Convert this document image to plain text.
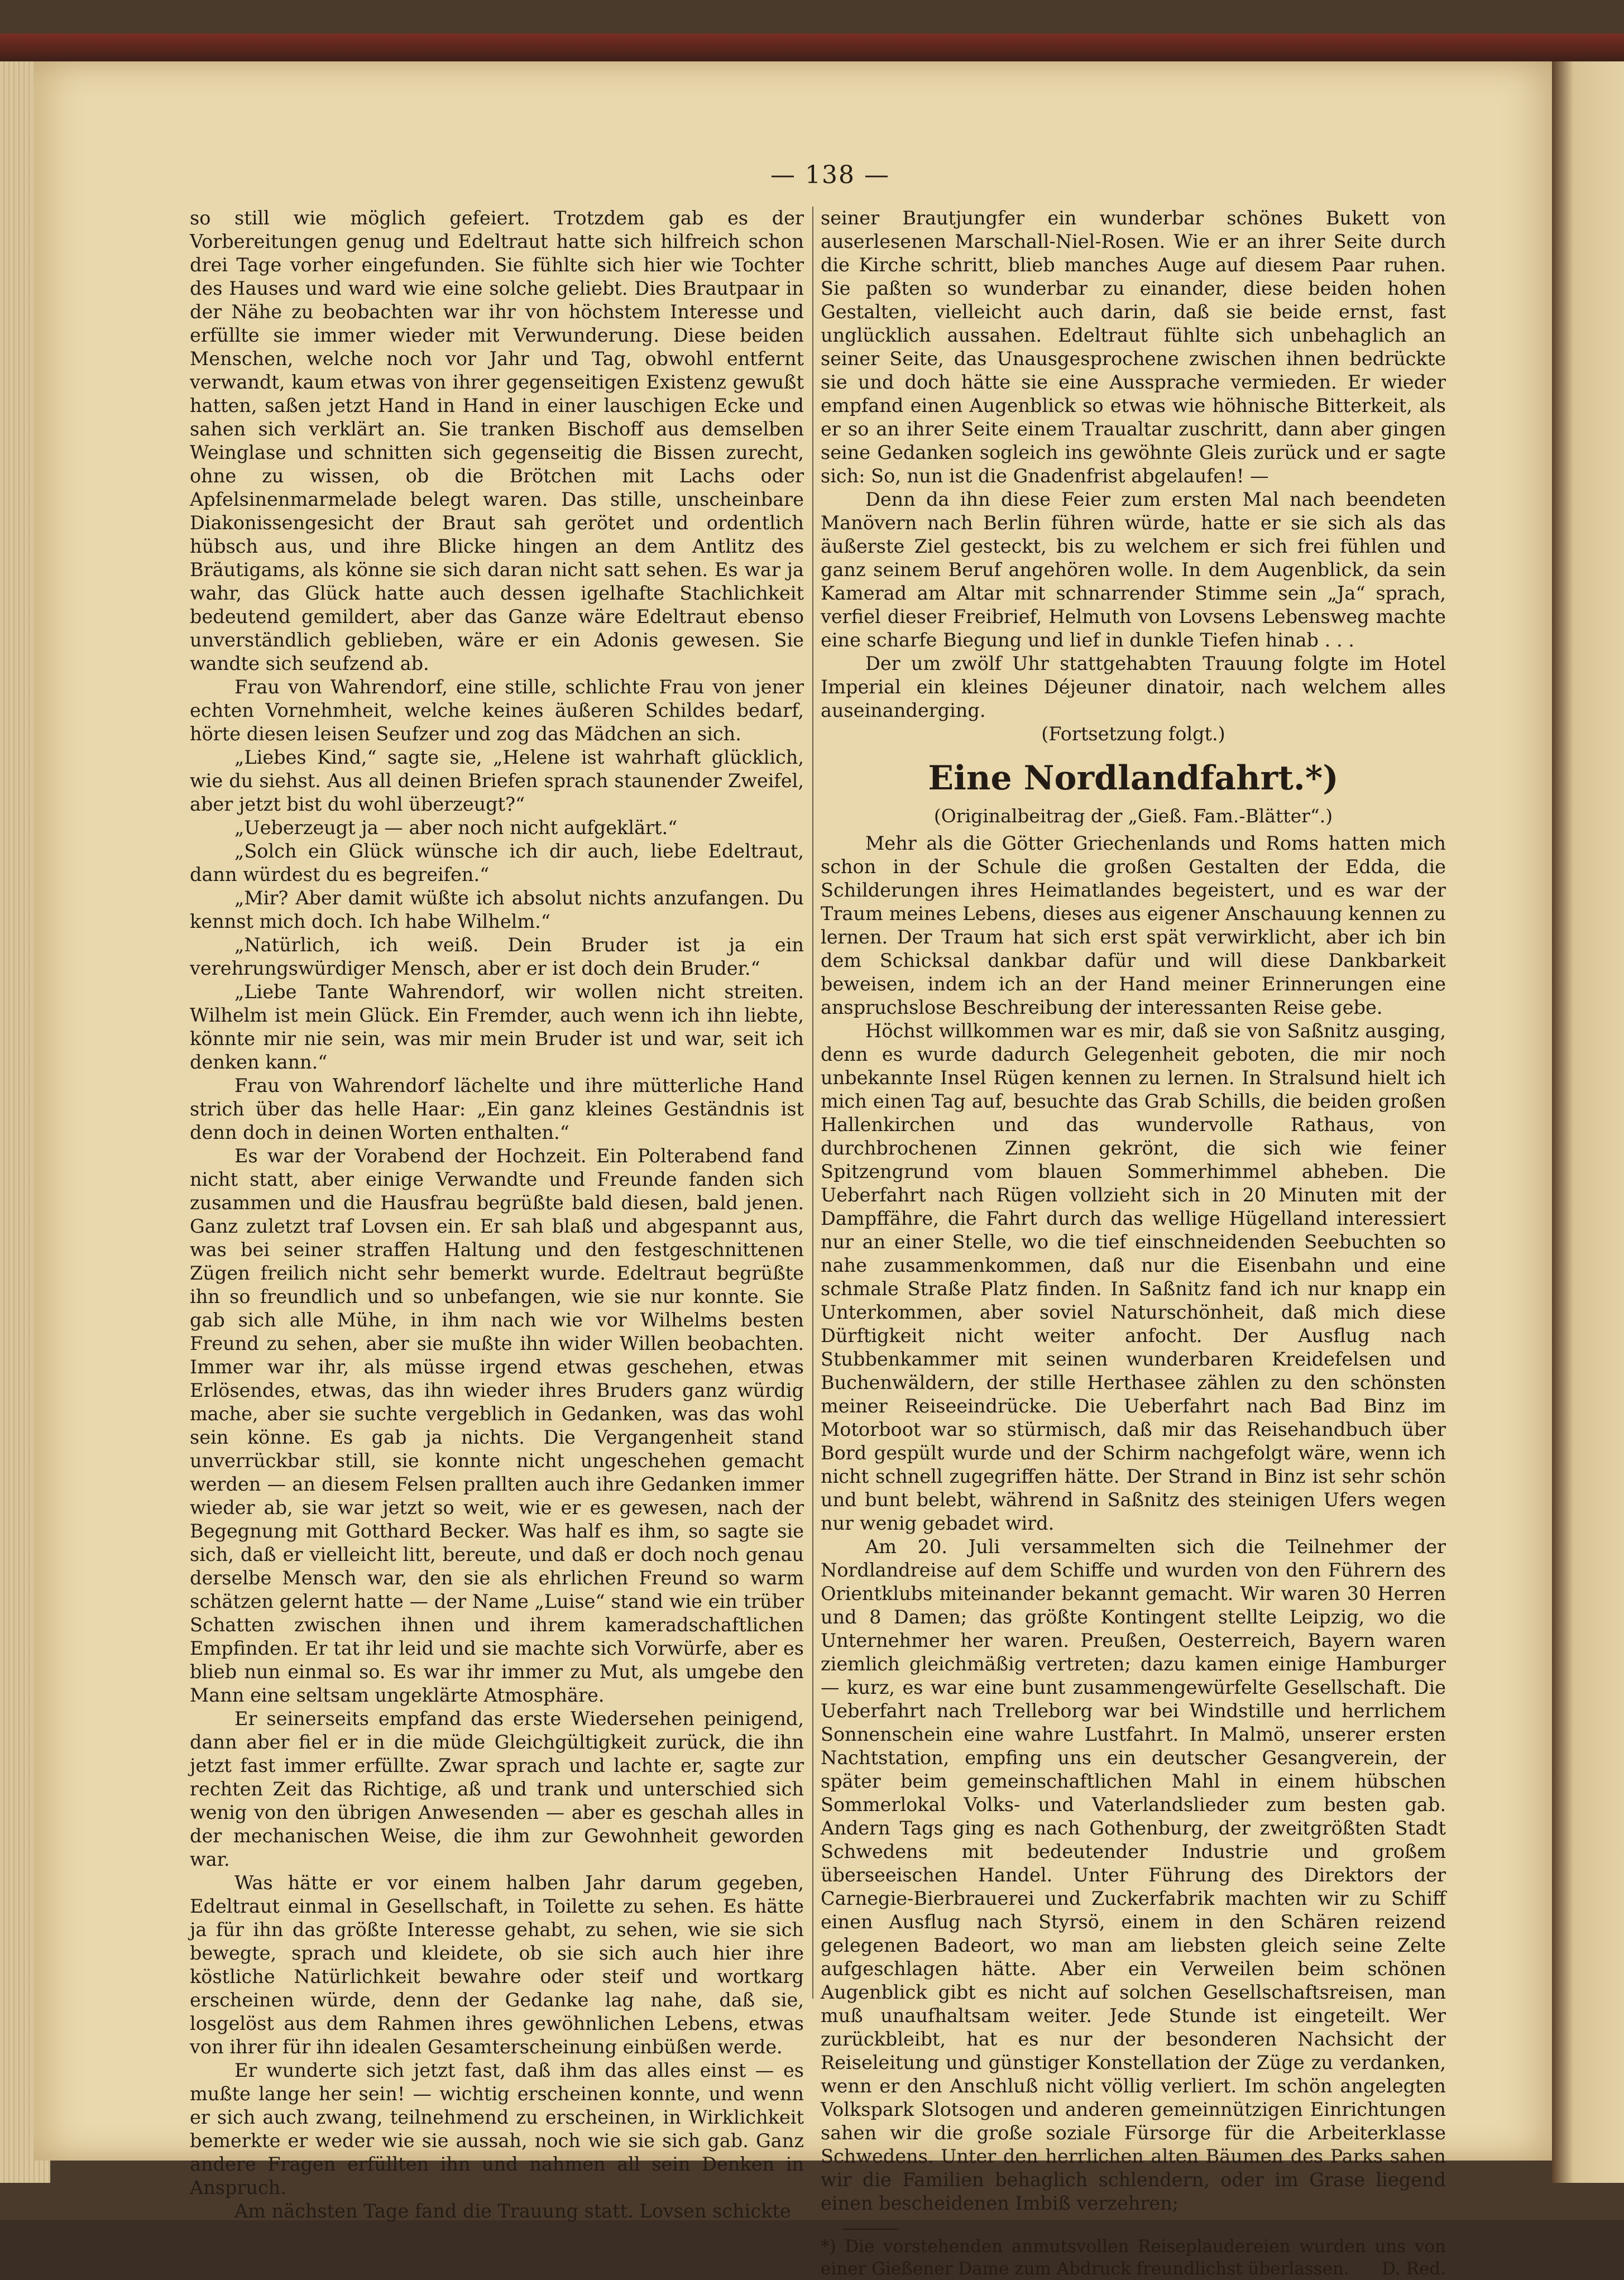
— 138 —

so still wie möglich gefeiert. Trotzdem gab es der Vorbereitungen genug und Edeltraut hatte sich hilfreich schon drei Tage vorher eingefunden. Sie fühlte sich hier wie Tochter des Hauses und ward wie eine solche geliebt. Dies Brautpaar in der Nähe zu beobachten war ihr von höchstem Interesse und erfüllte sie immer wieder mit Verwunderung. Diese beiden Menschen, welche noch vor Jahr und Tag, obwohl entfernt verwandt, kaum etwas von ihrer gegenseitigen Existenz gewußt hatten, saßen jetzt Hand in Hand in einer lauschigen Ecke und sahen sich verklärt an. Sie tranken Bischoff aus demselben Weinglase und schnitten sich gegenseitig die Bissen zurecht, ohne zu wissen, ob die Brötchen mit Lachs oder Apfelsinenmarmelade belegt waren. Das stille, unscheinbare Diakonissengesicht der Braut sah gerötet und ordentlich hübsch aus, und ihre Blicke hingen an dem Antlitz des Bräutigams, als könne sie sich daran nicht satt sehen. Es war ja wahr, das Glück hatte auch dessen igelhafte Stachlichkeit bedeutend gemildert, aber das Ganze wäre Edeltraut ebenso unverständlich geblieben, wäre er ein Adonis gewesen. Sie wandte sich seufzend ab.

Frau von Wahrendorf, eine stille, schlichte Frau von jener echten Vornehmheit, welche keines äußeren Schildes bedarf, hörte diesen leisen Seufzer und zog das Mädchen an sich.

„Liebes Kind,“ sagte sie, „Helene ist wahrhaft glücklich, wie du siehst. Aus all deinen Briefen sprach staunender Zweifel, aber jetzt bist du wohl überzeugt?“

„Ueberzeugt ja — aber noch nicht aufgeklärt.“

„Solch ein Glück wünsche ich dir auch, liebe Edeltraut, dann würdest du es begreifen.“

„Mir? Aber damit wüßte ich absolut nichts anzufangen. Du kennst mich doch. Ich habe Wilhelm.“

„Natürlich, ich weiß. Dein Bruder ist ja ein verehrungswürdiger Mensch, aber er ist doch dein Bruder.“

„Liebe Tante Wahrendorf, wir wollen nicht streiten. Wilhelm ist mein Glück. Ein Fremder, auch wenn ich ihn liebte, könnte mir nie sein, was mir mein Bruder ist und war, seit ich denken kann.“

Frau von Wahrendorf lächelte und ihre mütterliche Hand strich über das helle Haar: „Ein ganz kleines Geständnis ist denn doch in deinen Worten enthalten.“

Es war der Vorabend der Hochzeit. Ein Polterabend fand nicht statt, aber einige Verwandte und Freunde fanden sich zusammen und die Hausfrau begrüßte bald diesen, bald jenen. Ganz zuletzt traf Lovsen ein. Er sah blaß und abgespannt aus, was bei seiner straffen Haltung und den festgeschnittenen Zügen freilich nicht sehr bemerkt wurde. Edeltraut begrüßte ihn so freundlich und so unbefangen, wie sie nur konnte. Sie gab sich alle Mühe, in ihm nach wie vor Wilhelms besten Freund zu sehen, aber sie mußte ihn wider Willen beobachten. Immer war ihr, als müsse irgend etwas geschehen, etwas Erlösendes, etwas, das ihn wieder ihres Bruders ganz würdig mache, aber sie suchte vergeblich in Gedanken, was das wohl sein könne. Es gab ja nichts. Die Vergangenheit stand unverrückbar still, sie konnte nicht ungeschehen gemacht werden — an diesem Felsen prallten auch ihre Gedanken immer wieder ab, sie war jetzt so weit, wie er es gewesen, nach der Begegnung mit Gotthard Becker. Was half es ihm, so sagte sie sich, daß er vielleicht litt, bereute, und daß er doch noch genau derselbe Mensch war, den sie als ehrlichen Freund so warm schätzen gelernt hatte — der Name „Luise“ stand wie ein trüber Schatten zwischen ihnen und ihrem kameradschaftlichen Empfinden. Er tat ihr leid und sie machte sich Vorwürfe, aber es blieb nun einmal so. Es war ihr immer zu Mut, als umgebe den Mann eine seltsam ungeklärte Atmosphäre.

Er seinerseits empfand das erste Wiedersehen peinigend, dann aber fiel er in die müde Gleichgültigkeit zurück, die ihn jetzt fast immer erfüllte. Zwar sprach und lachte er, sagte zur rechten Zeit das Richtige, aß und trank und unterschied sich wenig von den übrigen Anwesenden — aber es geschah alles in der mechanischen Weise, die ihm zur Gewohnheit geworden war.

Was hätte er vor einem halben Jahr darum gegeben, Edeltraut einmal in Gesellschaft, in Toilette zu sehen. Es hätte ja für ihn das größte Interesse gehabt, zu sehen, wie sie sich bewegte, sprach und kleidete, ob sie sich auch hier ihre köstliche Natürlichkeit bewahre oder steif und wortkarg erscheinen würde, denn der Gedanke lag nahe, daß sie, losgelöst aus dem Rahmen ihres gewöhnlichen Lebens, etwas von ihrer für ihn idealen Gesamterscheinung einbüßen werde.

Er wunderte sich jetzt fast, daß ihm das alles einst — es mußte lange her sein! — wichtig erscheinen konnte, und wenn er sich auch zwang, teilnehmend zu erscheinen, in Wirklichkeit bemerkte er weder wie sie aussah, noch wie sie sich gab. Ganz andere Fragen erfüllten ihn und nahmen all sein Denken in Anspruch.

Am nächsten Tage fand die Trauung statt. Lovsen schickte

seiner Brautjungfer ein wunderbar schönes Bukett von auserlesenen Marschall-Niel-Rosen. Wie er an ihrer Seite durch die Kirche schritt, blieb manches Auge auf diesem Paar ruhen. Sie paßten so wunderbar zu einander, diese beiden hohen Gestalten, vielleicht auch darin, daß sie beide ernst, fast unglücklich aussahen. Edeltraut fühlte sich unbehaglich an seiner Seite, das Unausgesprochene zwischen ihnen bedrückte sie und doch hätte sie eine Aussprache vermieden. Er wieder empfand einen Augenblick so etwas wie höhnische Bitterkeit, als er so an ihrer Seite einem Traualtar zuschritt, dann aber gingen seine Gedanken sogleich ins gewöhnte Gleis zurück und er sagte sich: So, nun ist die Gnadenfrist abgelaufen! —

Denn da ihn diese Feier zum ersten Mal nach beendeten Manövern nach Berlin führen würde, hatte er sie sich als das äußerste Ziel gesteckt, bis zu welchem er sich frei fühlen und ganz seinem Beruf angehören wolle. In dem Augenblick, da sein Kamerad am Altar mit schnarrender Stimme sein „Ja“ sprach, verfiel dieser Freibrief, Helmuth von Lovsens Lebensweg machte eine scharfe Biegung und lief in dunkle Tiefen hinab . . .

Der um zwölf Uhr stattgehabten Trauung folgte im Hotel Imperial ein kleines Déjeuner dinatoir, nach welchem alles auseinanderging.

(Fortsetzung folgt.)

Eine Nordlandfahrt.*)
(Originalbeitrag der „Gieß. Fam.-Blätter“.)

Mehr als die Götter Griechenlands und Roms hatten mich schon in der Schule die großen Gestalten der Edda, die Schilderungen ihres Heimatlandes begeistert, und es war der Traum meines Lebens, dieses aus eigener Anschauung kennen zu lernen. Der Traum hat sich erst spät verwirklicht, aber ich bin dem Schicksal dankbar dafür und will diese Dankbarkeit beweisen, indem ich an der Hand meiner Erinnerungen eine anspruchslose Beschreibung der interessanten Reise gebe.

Höchst willkommen war es mir, daß sie von Saßnitz ausging, denn es wurde dadurch Gelegenheit geboten, die mir noch unbekannte Insel Rügen kennen zu lernen. In Stralsund hielt ich mich einen Tag auf, besuchte das Grab Schills, die beiden großen Hallenkirchen und das wundervolle Rathaus, von durchbrochenen Zinnen gekrönt, die sich wie feiner Spitzengrund vom blauen Sommerhimmel abheben. Die Ueberfahrt nach Rügen vollzieht sich in 20 Minuten mit der Dampffähre, die Fahrt durch das wellige Hügelland interessiert nur an einer Stelle, wo die tief einschneidenden Seebuchten so nahe zusammenkommen, daß nur die Eisenbahn und eine schmale Straße Platz finden. In Saßnitz fand ich nur knapp ein Unterkommen, aber soviel Naturschönheit, daß mich diese Dürftigkeit nicht weiter anfocht. Der Ausflug nach Stubbenkammer mit seinen wunderbaren Kreidefelsen und Buchenwäldern, der stille Herthasee zählen zu den schönsten meiner Reiseeindrücke. Die Ueberfahrt nach Bad Binz im Motorboot war so stürmisch, daß mir das Reisehandbuch über Bord gespült wurde und der Schirm nachgefolgt wäre, wenn ich nicht schnell zugegriffen hätte. Der Strand in Binz ist sehr schön und bunt belebt, während in Saßnitz des steinigen Ufers wegen nur wenig gebadet wird.

Am 20. Juli versammelten sich die Teilnehmer der Nordlandreise auf dem Schiffe und wurden von den Führern des Orientklubs miteinander bekannt gemacht. Wir waren 30 Herren und 8 Damen; das größte Kontingent stellte Leipzig, wo die Unternehmer her waren. Preußen, Oesterreich, Bayern waren ziemlich gleichmäßig vertreten; dazu kamen einige Hamburger — kurz, es war eine bunt zusammengewürfelte Gesellschaft. Die Ueberfahrt nach Trelleborg war bei Windstille und herrlichem Sonnenschein eine wahre Lustfahrt. In Malmö, unserer ersten Nachtstation, empfing uns ein deutscher Gesangverein, der später beim gemeinschaftlichen Mahl in einem hübschen Sommerlokal Volks- und Vaterlandslieder zum besten gab. Andern Tags ging es nach Gothenburg, der zweitgrößten Stadt Schwedens mit bedeutender Industrie und großem überseeischen Handel. Unter Führung des Direktors der Carnegie-Bierbrauerei und Zuckerfabrik machten wir zu Schiff einen Ausflug nach Styrsö, einem in den Schären reizend gelegenen Badeort, wo man am liebsten gleich seine Zelte aufgeschlagen hätte. Aber ein Verweilen beim schönen Augenblick gibt es nicht auf solchen Gesellschaftsreisen, man muß unaufhaltsam weiter. Jede Stunde ist eingeteilt. Wer zurückbleibt, hat es nur der besonderen Nachsicht der Reiseleitung und günstiger Konstellation der Züge zu verdanken, wenn er den Anschluß nicht völlig verliert. Im schön angelegten Volkspark Slotsogen und anderen gemeinnützigen Einrichtungen sahen wir die große soziale Fürsorge für die Arbeiterklasse Schwedens. Unter den herrlichen alten Bäumen des Parks sahen wir die Familien behaglich schlendern, oder im Grase liegend einen bescheidenen Imbiß verzehren;

*) Die vorstehenden anmutsvollen Reiseplaudereien wurden uns von einer Gießener Dame zum Abdruck freundlichst überlassen. D. Red.
